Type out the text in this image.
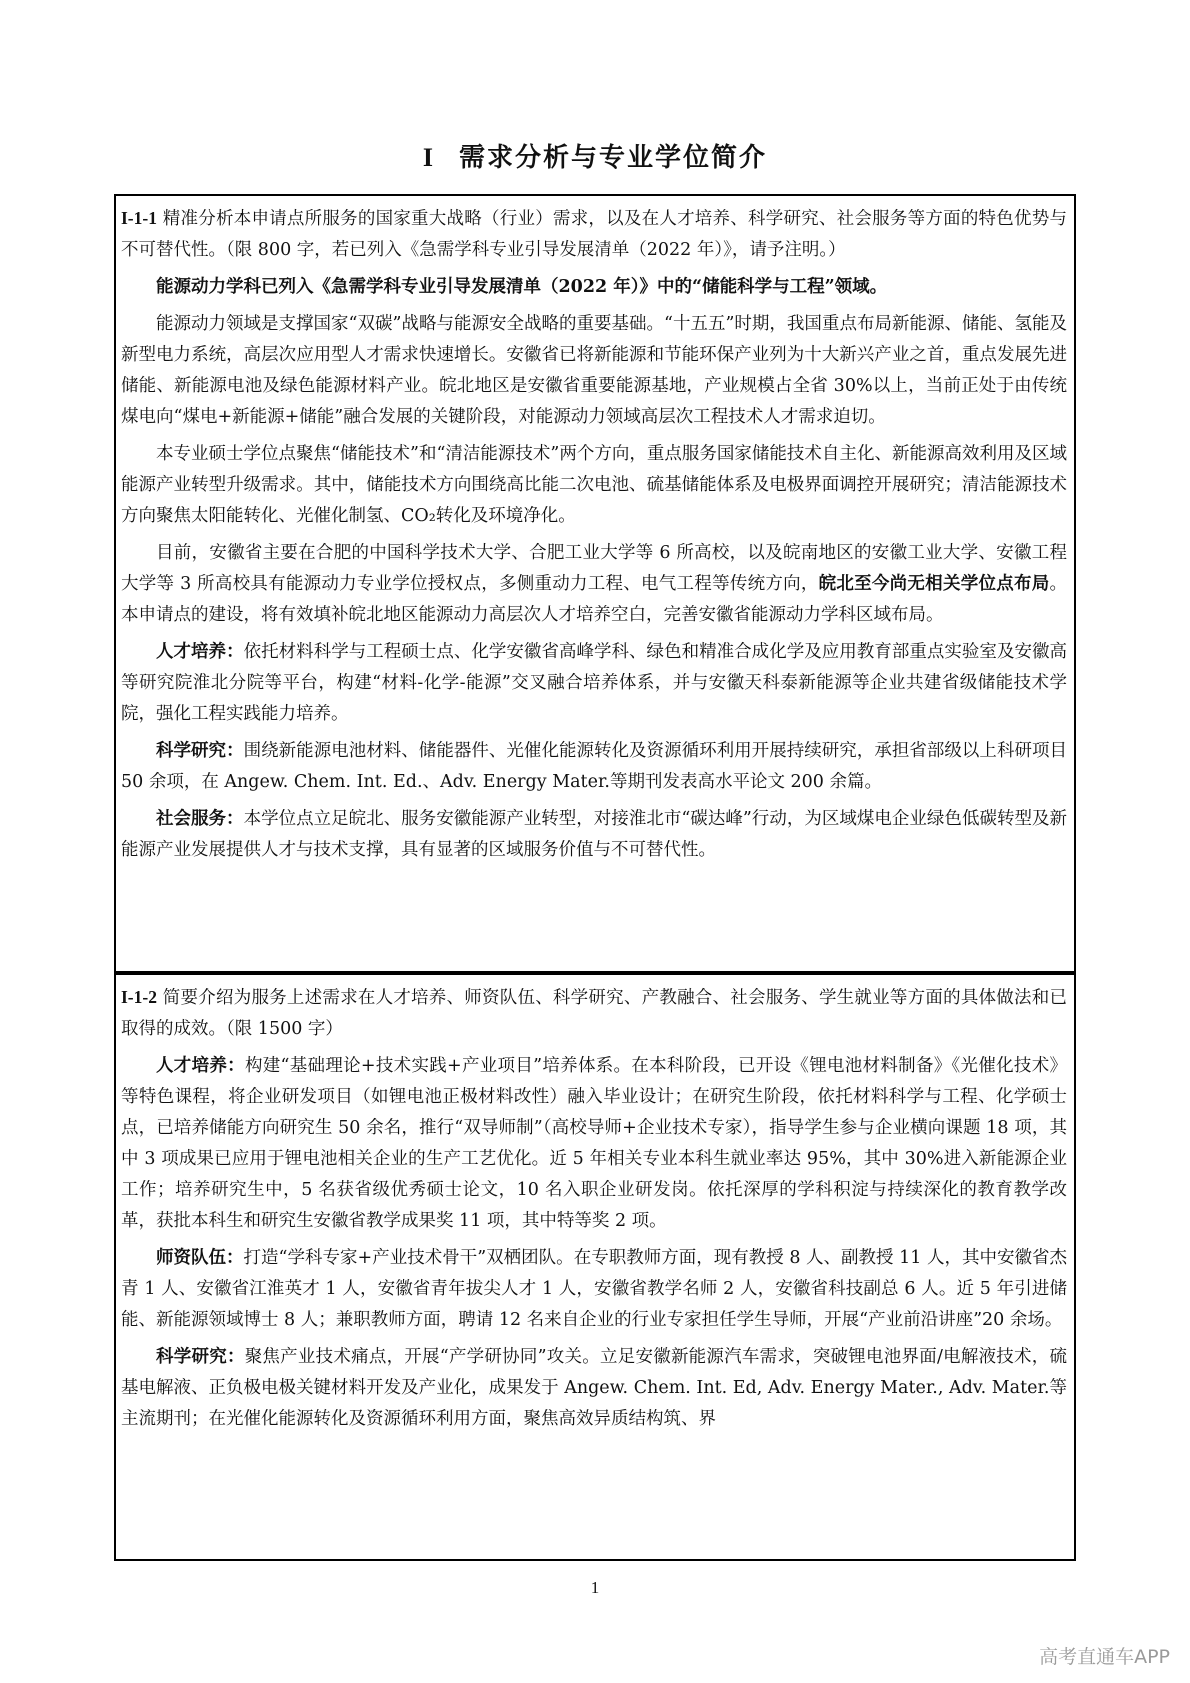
I 需求分析与专业学位简介

I-1-1 精准分析本申请点所服务的国家重大战略（行业）需求，以及在人才培养、科学研究、社会服务等方面的特色优势与不可替代性。（限 800 字，若已列入《急需学科专业引导发展清单（2022 年）》，请予注明。）

能源动力学科已列入《急需学科专业引导发展清单（2022 年）》中的“储能科学与工程”领域。

能源动力领域是支撑国家“双碳”战略与能源安全战略的重要基础。“十五五”时期，我国重点布局新能源、储能、氢能及新型电力系统，高层次应用型人才需求快速增长。安徽省已将新能源和节能环保产业列为十大新兴产业之首，重点发展先进储能、新能源电池及绿色能源材料产业。皖北地区是安徽省重要能源基地，产业规模占全省 30%以上，当前正处于由传统煤电向“煤电+新能源+储能”融合发展的关键阶段，对能源动力领域高层次工程技术人才需求迫切。

本专业硕士学位点聚焦“储能技术”和“清洁能源技术”两个方向，重点服务国家储能技术自主化、新能源高效利用及区域能源产业转型升级需求。其中，储能技术方向围绕高比能二次电池、硫基储能体系及电极界面调控开展研究；清洁能源技术方向聚焦太阳能转化、光催化制氢、CO₂转化及环境净化。

目前，安徽省主要在合肥的中国科学技术大学、合肥工业大学等 6 所高校，以及皖南地区的安徽工业大学、安徽工程大学等 3 所高校具有能源动力专业学位授权点，多侧重动力工程、电气工程等传统方向，皖北至今尚无相关学位点布局。本申请点的建设，将有效填补皖北地区能源动力高层次人才培养空白，完善安徽省能源动力学科区域布局。

人才培养：依托材料科学与工程硕士点、化学安徽省高峰学科、绿色和精准合成化学及应用教育部重点实验室及安徽高等研究院淮北分院等平台，构建“材料-化学-能源”交叉融合培养体系，并与安徽天科泰新能源等企业共建省级储能技术学院，强化工程实践能力培养。

科学研究：围绕新能源电池材料、储能器件、光催化能源转化及资源循环利用开展持续研究，承担省部级以上科研项目 50 余项，在 Angew. Chem. Int. Ed.、Adv. Energy Mater.等期刊发表高水平论文 200 余篇。

社会服务：本学位点立足皖北、服务安徽能源产业转型，对接淮北市“碳达峰”行动，为区域煤电企业绿色低碳转型及新能源产业发展提供人才与技术支撑，具有显著的区域服务价值与不可替代性。

I-1-2 简要介绍为服务上述需求在人才培养、师资队伍、科学研究、产教融合、社会服务、学生就业等方面的具体做法和已取得的成效。（限 1500 字）

人才培养：构建“基础理论+技术实践+产业项目”培养体系。在本科阶段，已开设《锂电池材料制备》《光催化技术》等特色课程，将企业研发项目（如锂电池正极材料改性）融入毕业设计；在研究生阶段，依托材料科学与工程、化学硕士点，已培养储能方向研究生 50 余名，推行“双导师制”（高校导师+企业技术专家），指导学生参与企业横向课题 18 项，其中 3 项成果已应用于锂电池相关企业的生产工艺优化。近 5 年相关专业本科生就业率达 95%，其中 30%进入新能源企业工作；培养研究生中，5 名获省级优秀硕士论文，10 名入职企业研发岗。依托深厚的学科积淀与持续深化的教育教学改革，获批本科生和研究生安徽省教学成果奖 11 项，其中特等奖 2 项。

师资队伍：打造“学科专家+产业技术骨干”双栖团队。在专职教师方面，现有教授 8 人、副教授 11 人，其中安徽省杰青 1 人、安徽省江淮英才 1 人，安徽省青年拔尖人才 1 人，安徽省教学名师 2 人，安徽省科技副总 6 人。近 5 年引进储能、新能源领域博士 8 人；兼职教师方面，聘请 12 名来自企业的行业专家担任学生导师，开展“产业前沿讲座”20 余场。

科学研究：聚焦产业技术痛点，开展“产学研协同”攻关。立足安徽新能源汽车需求，突破锂电池界面/电解液技术，硫基电解液、正负极电极关键材料开发及产业化，成果发于 Angew. Chem. Int. Ed, Adv. Energy Mater., Adv. Mater.等主流期刊；在光催化能源转化及资源循环利用方面，聚焦高效异质结构筑、界

1
高考直通车APP
